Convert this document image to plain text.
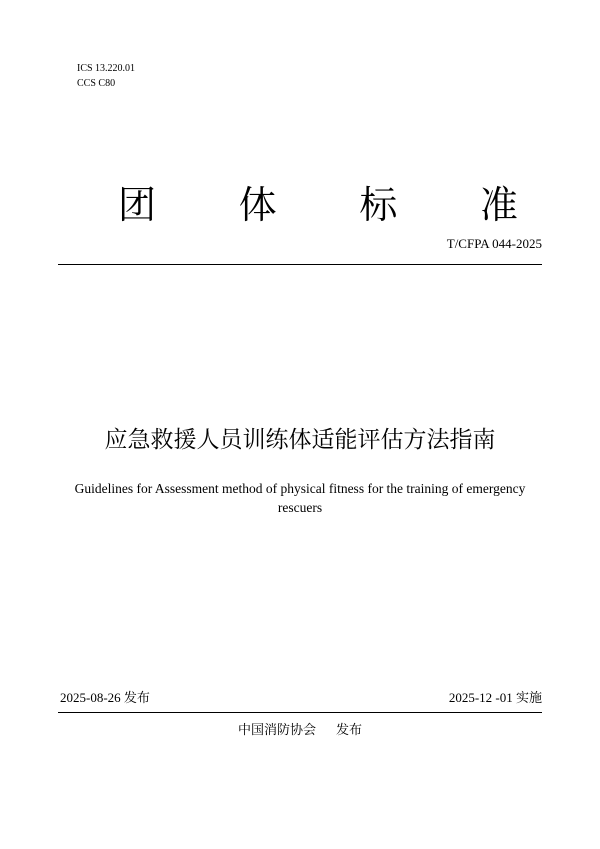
ICS 13.220.01
CCS C80
团 体 标 准
T/CFPA 044-2025
应急救援人员训练体适能评估方法指南
Guidelines for Assessment method of physical fitness for the training of emergency
rescuers
2025-08-26 发布	2025-12 -01 实施
中国消防协会 发布
